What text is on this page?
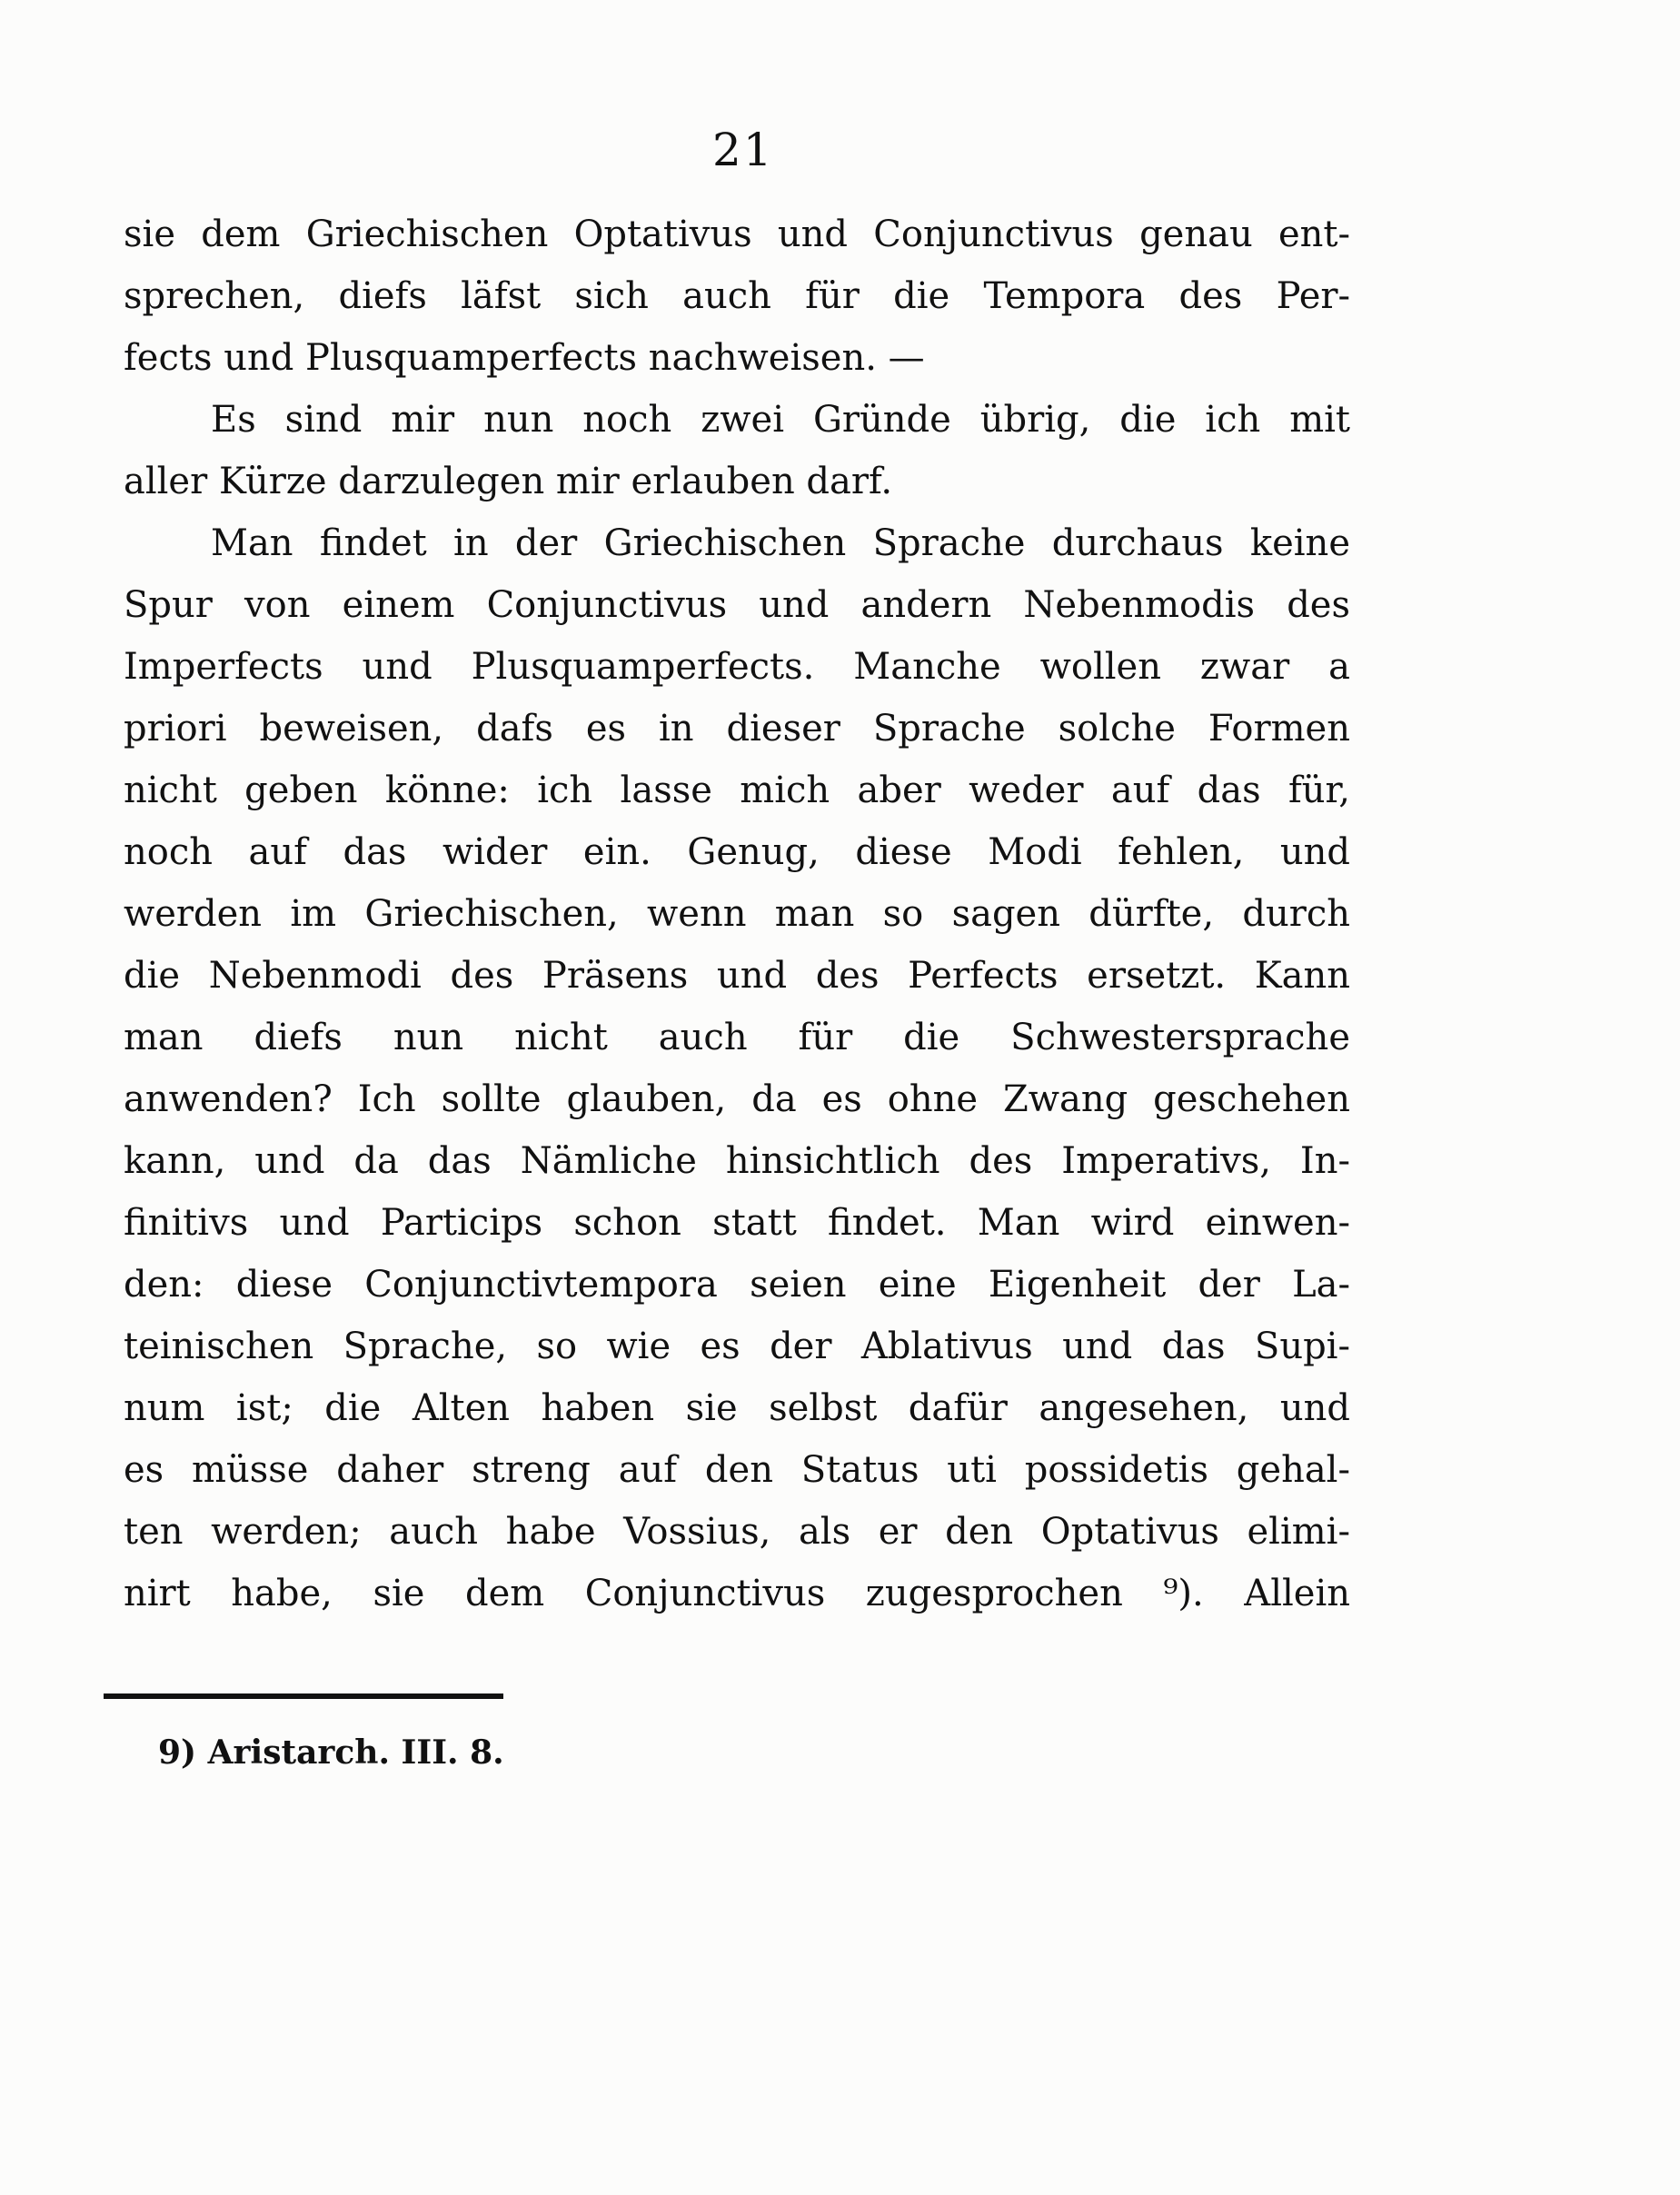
21
sie dem Griechischen Optativus und Conjunctivus genau ent-
sprechen, diefs läfst sich auch für die Tempora des Per-
fects und Plusquamperfects nachweisen. —
Es sind mir nun noch zwei Gründe übrig, die ich mit
aller Kürze darzulegen mir erlauben darf.
Man findet in der Griechischen Sprache durchaus keine
Spur von einem Conjunctivus und andern Nebenmodis des
Imperfects und Plusquamperfects. Manche wollen zwar a
priori beweisen, dafs es in dieser Sprache solche Formen
nicht geben könne: ich lasse mich aber weder auf das für,
noch auf das wider ein. Genug, diese Modi fehlen, und
werden im Griechischen, wenn man so sagen dürfte, durch
die Nebenmodi des Präsens und des Perfects ersetzt. Kann
man diefs nun nicht auch für die Schwestersprache
anwenden? Ich sollte glauben, da es ohne Zwang geschehen
kann, und da das Nämliche hinsichtlich des Imperativs, In-
finitivs und Particips schon statt findet. Man wird einwen-
den: diese Conjunctivtempora seien eine Eigenheit der La-
teinischen Sprache, so wie es der Ablativus und das Supi-
num ist; die Alten haben sie selbst dafür angesehen, und
es müsse daher streng auf den Status uti possidetis gehal-
ten werden; auch habe Vossius, als er den Optativus elimi-
nirt habe, sie dem Conjunctivus zugesprochen ⁹). Allein
9) Aristarch. III. 8.
